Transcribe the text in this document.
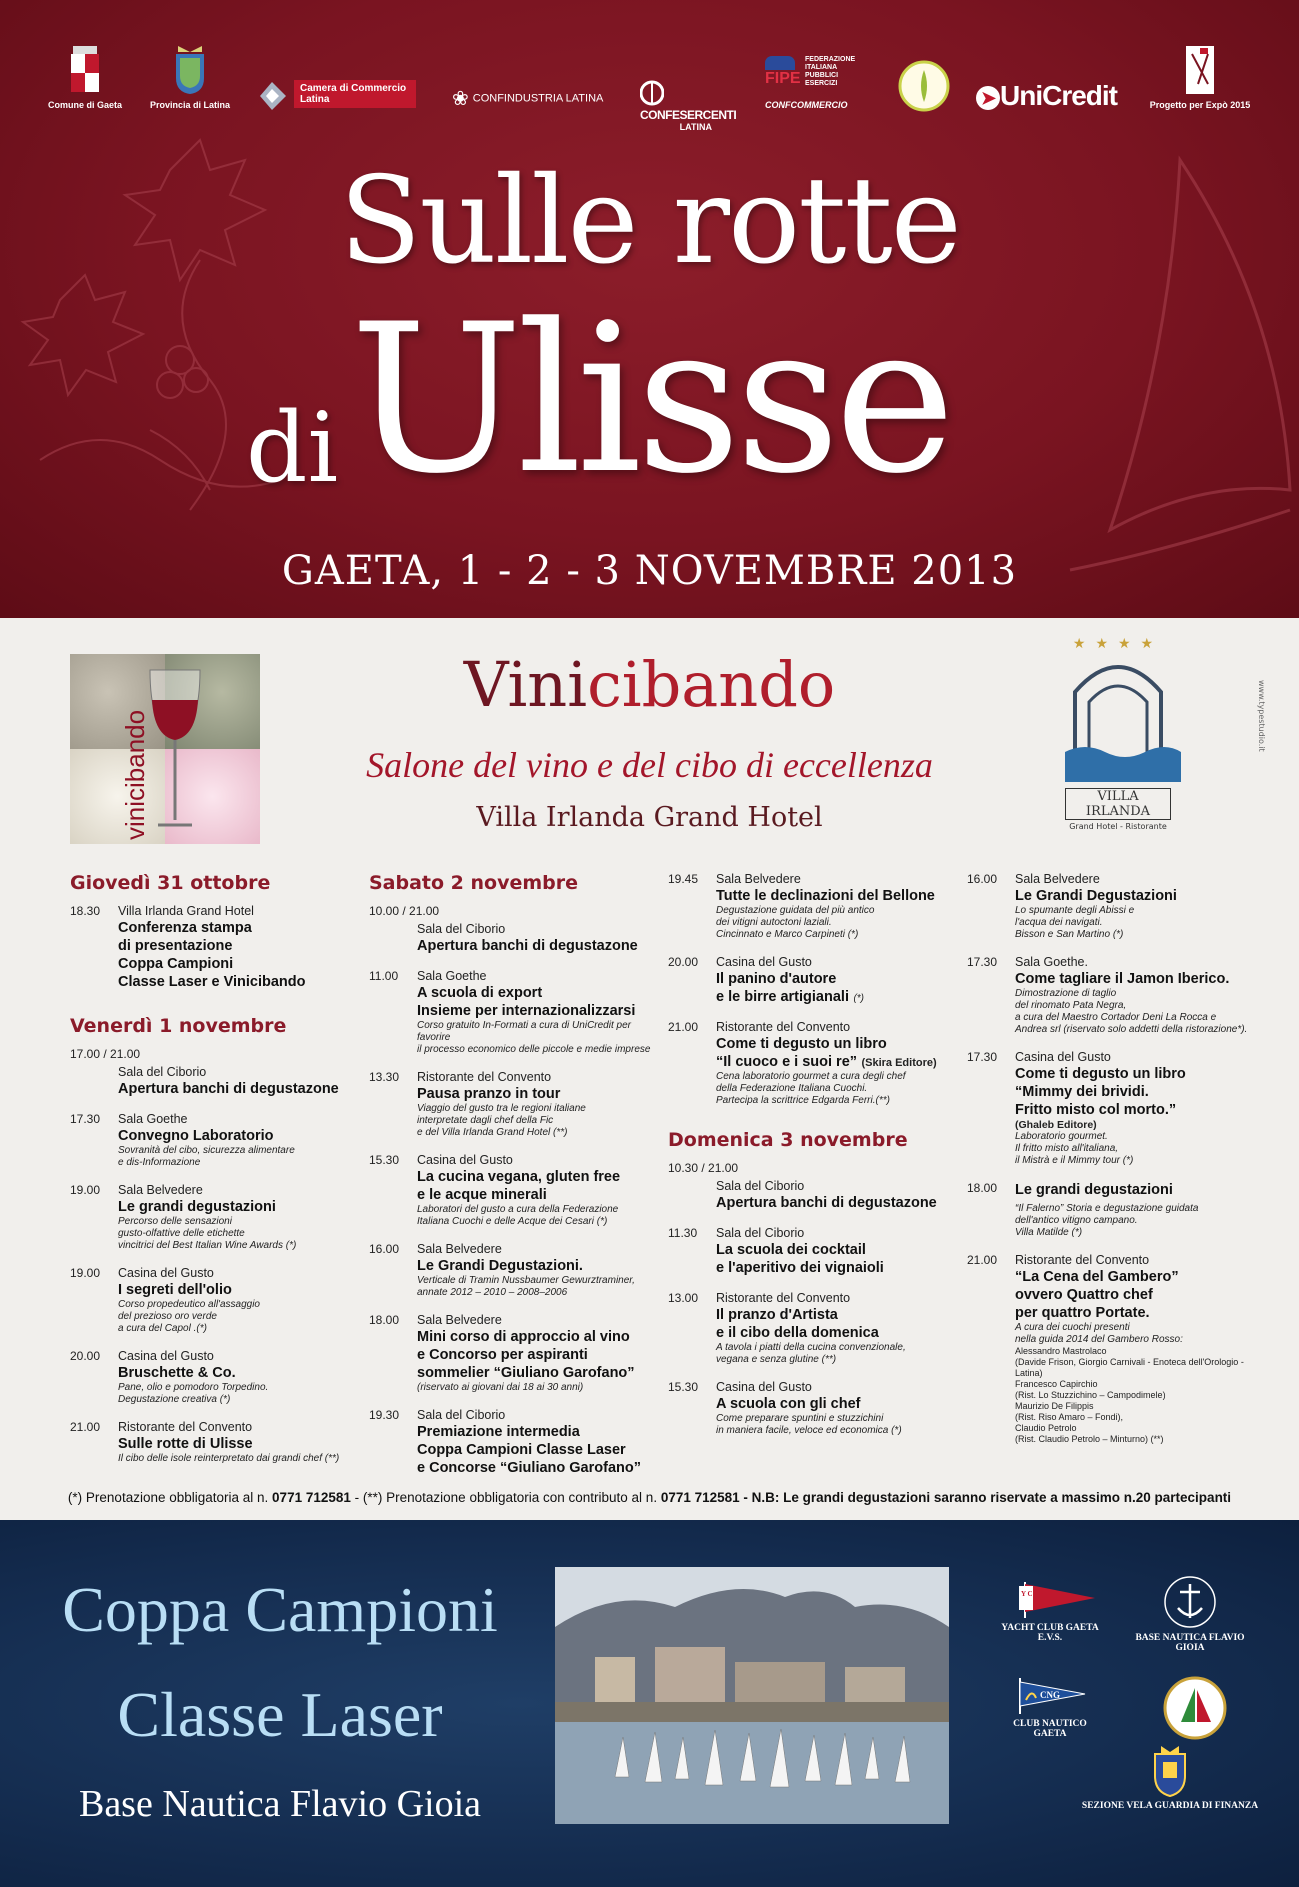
Comune di Gaeta	Provincia di Latina
Camera di Commercio Latina	❀ CONFINDUSTRIA LATINA
CONFESERCENTI
LATINA
FIPE
FEDERAZIONE ITALIANA PUBBLICI ESERCIZI
CONFCOMMERCIO	➤ UniCredit	Progetto per Expò 2015
Sulle rotte
Ulisse
di
GAETA, 1 - 2 - 3 NOVEMBRE 2013
vinicibando
Vinicibando
Salone del vino e del cibo di eccellenza
Villa Irlanda Grand Hotel
★★★★
VILLA IRLANDA
Grand Hotel - Ristorante
www.typestudio.it
Giovedì 31 ottobre
18.30 Villa Irlanda Grand Hotel
Conferenza stampa
di presentazione
Coppa Campioni
Classe Laser e Vinicibando
Venerdì 1 novembre
17.00 / 21.00
Sala del Ciborio
Apertura banchi di degustazone
17.30 Sala Goethe
Convegno Laboratorio
Sovranità del cibo, sicurezza alimentare
e dis-Informazione
19.00 Sala Belvedere
Le grandi degustazioni
Percorso delle sensazioni
gusto-olfattive delle etichette
vincitrici del Best Italian Wine Awards (*)
19.00 Casina del Gusto
I segreti dell'olio
Corso propedeutico all'assaggio
del prezioso oro verde
a cura del Capol .(*)
20.00 Casina del Gusto
Bruschette & Co.
Pane, olio e pomodoro Torpedino.
Degustazione creativa (*)
21.00 Ristorante del Convento
Sulle rotte di Ulisse
Il cibo delle isole reinterpretato dai grandi chef (**)
Sabato 2 novembre
10.00 / 21.00
Sala del Ciborio
Apertura banchi di degustazone
11.00 Sala Goethe
A scuola di export
Insieme per internazionalizzarsi
Corso gratuito In-Formati a cura di UniCredit per favorire
il processo economico delle piccole e medie imprese
13.30 Ristorante del Convento
Pausa pranzo in tour
Viaggio del gusto tra le regioni italiane
interpretate dagli chef della Fic
e del Villa Irlanda Grand Hotel (**)
15.30 Casina del Gusto
La cucina vegana, gluten free
e le acque minerali
Laboratori del gusto a cura della Federazione
Italiana Cuochi e delle Acque dei Cesari (*)
16.00 Sala Belvedere
Le Grandi Degustazioni.
Verticale di Tramin Nussbaumer Gewurztraminer,
annate 2012 – 2010 – 2008–2006
18.00 Sala Belvedere
Mini corso di approccio al vino
e Concorso per aspiranti
sommelier “Giuliano Garofano”
(riservato ai giovani dai 18 ai 30 anni)
19.30 Sala del Ciborio
Premiazione intermedia
Coppa Campioni Classe Laser
e Concorse “Giuliano Garofano”
19.45 Sala Belvedere
Tutte le declinazioni del Bellone
Degustazione guidata del più antico
dei vitigni autoctoni laziali.
Cincinnato e Marco Carpineti (*)
20.00 Casina del Gusto
Il panino d'autore
e le birre artigianali (*)
21.00 Ristorante del Convento
Come ti degusto un libro
“Il cuoco e i suoi re” (Skira Editore)
Cena laboratorio gourmet a cura degli chef
della Federazione Italiana Cuochi.
Partecipa la scrittrice Edgarda Ferri.(**)
Domenica 3 novembre
10.30 / 21.00
Sala del Ciborio
Apertura banchi di degustazone
11.30 Sala del Ciborio
La scuola dei cocktail
e l'aperitivo dei vignaioli
13.00 Ristorante del Convento
Il pranzo d'Artista
e il cibo della domenica
A tavola i piatti della cucina convenzionale,
vegana e senza glutine (**)
15.30 Casina del Gusto
A scuola con gli chef
Come preparare spuntini e stuzzichini
in maniera facile, veloce ed economica (*)
16.00 Sala Belvedere
Le Grandi Degustazioni
Lo spumante degli Abissi e
l'acqua dei navigati.
Bisson e San Martino (*)
17.30 Sala Goethe.
Come tagliare il Jamon Iberico.
Dimostrazione di taglio
del rinomato Pata Negra,
a cura del Maestro Cortador Deni La Rocca e
Andrea srl (riservato solo addetti della ristorazione*).
17.30 Casina del Gusto
Come ti degusto un libro
“Mimmy dei brividi.
Fritto misto col morto.”
(Ghaleb Editore)
Laboratorio gourmet.
Il fritto misto all'italiana,
il Mistrà e il Mimmy tour (*)
18.00 Le grandi degustazioni
“Il Falerno” Storia e degustazione guidata
dell'antico vitigno campano.
Villa Matilde (*)
21.00 Ristorante del Convento
“La Cena del Gambero”
ovvero Quattro chef
per quattro Portate.
A cura dei cuochi presenti
nella guida 2014 del Gambero Rosso:
Alessandro Mastrolaco
(Davide Frison, Giorgio Carnivali - Enoteca dell'Orologio - Latina)
Francesco Capirchio
(Rist. Lo Stuzzichino – Campodimele)
Maurizio De Filippis
(Rist. Riso Amaro – Fondi),
Claudio Petrolo
(Rist. Claudio Petrolo – Minturno) (**)
(*) Prenotazione obbligatoria al n. 0771 712581 - (**) Prenotazione obbligatoria con contributo al n. 0771 712581 - N.B: Le grandi degustazioni saranno riservate a massimo n.20 partecipanti
Coppa Campioni
Classe Laser
Base Nautica Flavio Gioia
Y C
YACHT CLUB GAETA E.V.S.	BASE NAUTICA FLAVIO GIOIA
CNG
CLUB NAUTICO GAETA
SEZIONE VELA GUARDIA DI FINANZA
